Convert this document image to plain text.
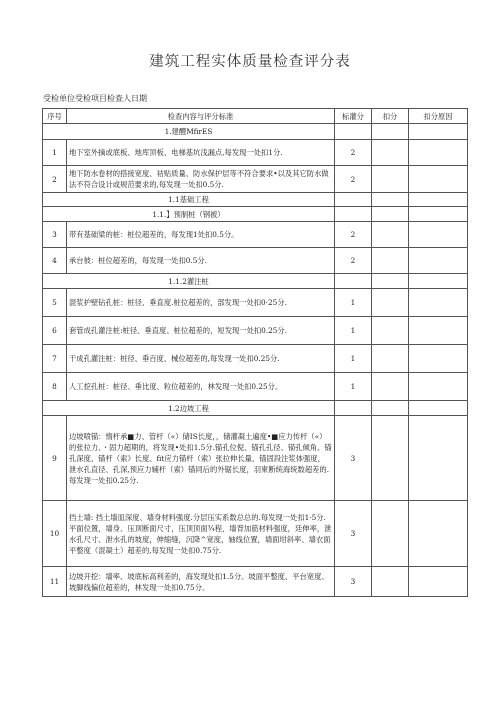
建筑工程实体质量检查评分表
受检单位受检项目检查人日期
序号	检查内容与评分标准	标灌分	扣分	扣分原因
1.建醴MfirES				
1	地下室外摘或底板、地库顶板、电梯基坑浅漏点,每发现一处扣1分.	2		
2	地下防水卷材的搭接宽度、祜贴质量、防水保护层等不符合要求•以及其它防水做法不符合设计或规范要求的,每发现一处扣0.5分.	2		
1.1基础工程				
1.1.】预制桩（钢被）				
3	带有基础梁的桩：桩位超差的，每发现1处扣0.5分。	2		
4	承台彼：桩位超差的，每发现一处扣0.5分.	2		
1.1.2灌注桩				
5	混浆护壁钻孔桩：桩径、垂直度.桩位超差的，部发现一处扣0·25分.	1		
6	套管成孔灌注桩:桩径、垂直度、桩位超差的，短发现一处扣0.25分.	1		
7	干成孔灌注桩：桩径、垂百度、械位超差的,每发现一处扣0.25分.	1		
8	人工挖孔桩：桩径、垂比度、粒位超差的，林发现一处扣0.25分。	1		
1.2边坡工程				
9	边坡喷锚：惰杆承■力、管杆（«）储IS长度，，储灌凝土遍度•■应力传杆（«）的张拉力、・固力超期的，将发现•处扣1.5分.锚孔位倪、锚孔孔径、锚孔倾角、锚孔深度、锚杆（索》长度、fit应力锚杆（索）张拉伸长量、锚固段注浆体强度，泄水孔直径、孔深,预应力辅杆（索）锚同后的外锯长度，羽柬断统海统数超差的.每发现一处扣0.25分.	3		
10	挡土墙: 挡土墙皿深度、墙身材料强度.分层压实系数总总的.每发现一处扣1·5分.平面位置，墙身、压顶断面尺寸，压顶顶面¾程，墙背加筋材料强度，廷伸率，泄水孔尺寸、泄水孔的坡度，伸缩缝，沉降^宽度，轴线位置，墙面坩斜率、墙衣面平整度（混凝土）超差的,每发现一处扣0.75分.	3		
11	边坡开挖：墙率、坡底标高利差的，海发现处扣1.5分。坡面平整度、平台宽度、坡脚线偏位超差的，林发现一处扣0.75分。	3		
